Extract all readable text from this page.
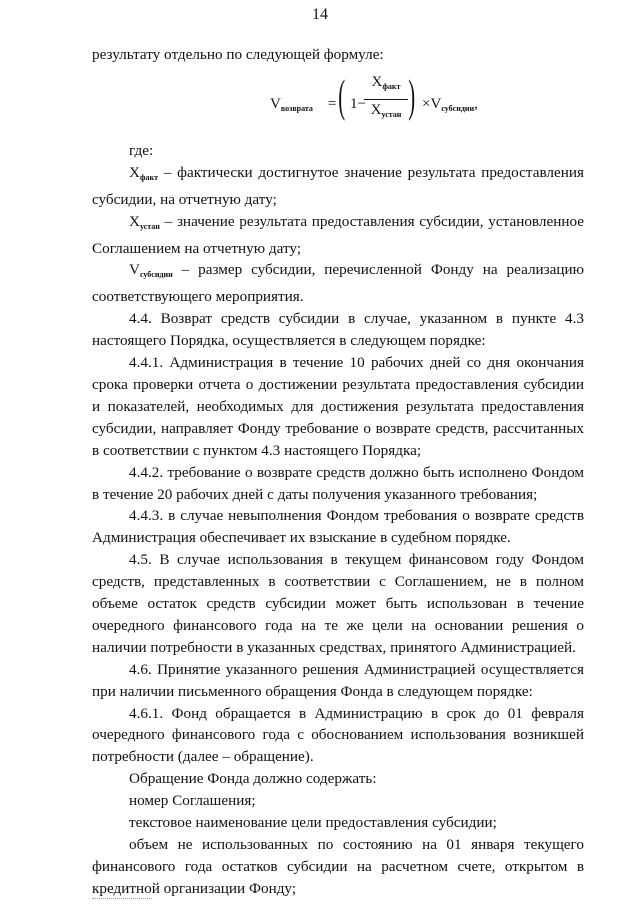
14

результату отдельно по следующей формуле:

$V_{возврата}$ = ( 1−
$X_{факт}$
$X_{устан}$ ) $\times V_{субсидии}$,

где:

$X_{факт}$ – фактически достигнутое значение результата предоставления субсидии, на отчетную дату;

$X_{устан}$ – значение результата предоставления субсидии, установленное Соглашением на отчетную дату;

$V_{субсидии}$ – размер субсидии, перечисленной Фонду на реализацию соответствующего мероприятия.

4.4. Возврат средств субсидии в случае, указанном в пункте 4.3 настоящего Порядка, осуществляется в следующем порядке:

4.4.1. Администрация в течение 10 рабочих дней со дня окончания срока проверки отчета о достижении результата предоставления субсидии и показателей, необходимых для достижения результата предоставления субсидии, направляет Фонду требование о возврате средств, рассчитанных в соответствии с пунктом 4.3 настоящего Порядка;

4.4.2. требование о возврате средств должно быть исполнено Фондом в течение 20 рабочих дней с даты получения указанного требования;

4.4.3. в случае невыполнения Фондом требования о возврате средств Администрация обеспечивает их взыскание в судебном порядке.

4.5. В случае использования в текущем финансовом году Фондом средств, представленных в соответствии с Соглашением, не в полном объеме остаток средств субсидии может быть использован в течение очередного финансового года на те же цели на основании решения о наличии потребности в указанных средствах, принятого Администрацией.

4.6. Принятие указанного решения Администрацией осуществляется при наличии письменного обращения Фонда в следующем порядке:

4.6.1. Фонд обращается в Администрацию в срок до 01 февраля очередного финансового года с обоснованием использования возникшей потребности (далее – обращение).

Обращение Фонда должно содержать:

номер Соглашения;

текстовое наименование цели предоставления субсидии;

объем не использованных по состоянию на 01 января текущего финансового года остатков субсидии на расчетном счете, открытом в кредитной организации Фонду;
